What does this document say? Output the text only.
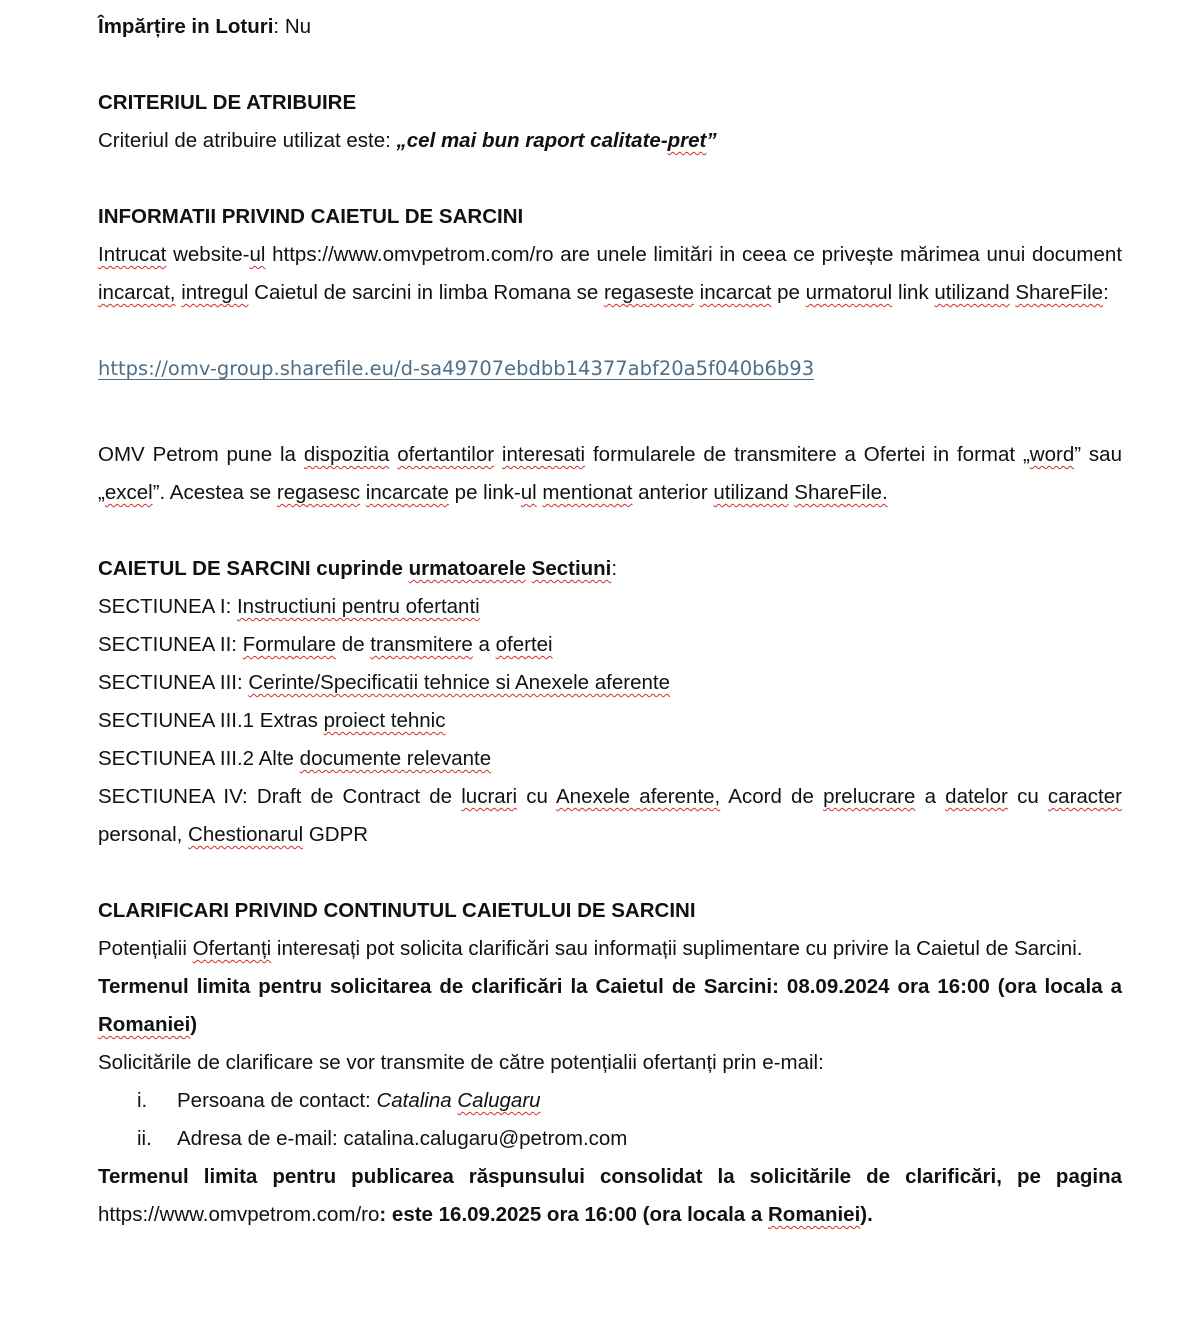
Împărțire in Loturi: Nu
CRITERIUL DE ATRIBUIRE
Criteriul de atribuire utilizat este: „cel mai bun raport calitate-pret”
INFORMATII PRIVIND CAIETUL DE SARCINI
Intrucat website-ul https://www.omvpetrom.com/ro are unele limitări in ceea ce privește mărimea unui document incarcat, intregul Caietul de sarcini in limba Romana se regaseste incarcat pe urmatorul link utilizand ShareFile:
https://omv-group.sharefile.eu/d-sa49707ebdbb14377abf20a5f040b6b93
OMV Petrom pune la dispozitia ofertantilor interesati formularele de transmitere a Ofertei in format „word” sau „excel”. Acestea se regasesc incarcate pe link-ul mentionat anterior utilizand ShareFile.
CAIETUL DE SARCINI cuprinde urmatoarele Sectiuni:
SECTIUNEA I: Instructiuni pentru ofertanti
SECTIUNEA II: Formulare de transmitere a ofertei
SECTIUNEA III: Cerinte/Specificatii tehnice si Anexele aferente
SECTIUNEA III.1 Extras proiect tehnic
SECTIUNEA III.2 Alte documente relevante
SECTIUNEA IV: Draft de Contract de lucrari cu Anexele aferente, Acord de prelucrare a datelor cu caracter personal, Chestionarul GDPR
CLARIFICARI PRIVIND CONTINUTUL CAIETULUI DE SARCINI
Potențialii Ofertanți interesați pot solicita clarificări sau informații suplimentare cu privire la Caietul de Sarcini.
Termenul limita pentru solicitarea de clarificări la Caietul de Sarcini: 08.09.2024 ora 16:00 (ora locala a Romaniei)
Solicitările de clarificare se vor transmite de către potențialii ofertanți prin e-mail:
i.	Persoana de contact: Catalina Calugaru
ii.	Adresa de e-mail: catalina.calugaru@petrom.com
Termenul limita pentru publicarea răspunsului consolidat la solicitările de clarificări, pe pagina https://www.omvpetrom.com/ro: este 16.09.2025 ora 16:00 (ora locala a Romaniei).
